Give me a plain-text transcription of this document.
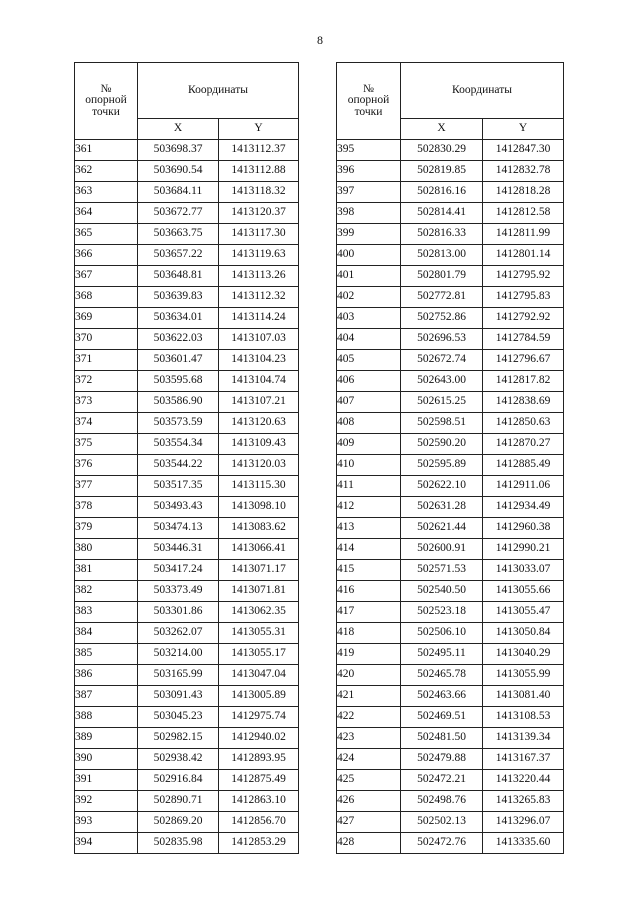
8
№
опорной
точки	Координаты	
	X	Y
361	503698.37	1413112.37
362	503690.54	1413112.88
363	503684.11	1413118.32
364	503672.77	1413120.37
365	503663.75	1413117.30
366	503657.22	1413119.63
367	503648.81	1413113.26
368	503639.83	1413112.32
369	503634.01	1413114.24
370	503622.03	1413107.03
371	503601.47	1413104.23
372	503595.68	1413104.74
373	503586.90	1413107.21
374	503573.59	1413120.63
375	503554.34	1413109.43
376	503544.22	1413120.03
377	503517.35	1413115.30
378	503493.43	1413098.10
379	503474.13	1413083.62
380	503446.31	1413066.41
381	503417.24	1413071.17
382	503373.49	1413071.81
383	503301.86	1413062.35
384	503262.07	1413055.31
385	503214.00	1413055.17
386	503165.99	1413047.04
387	503091.43	1413005.89
388	503045.23	1412975.74
389	502982.15	1412940.02
390	502938.42	1412893.95
391	502916.84	1412875.49
392	502890.71	1412863.10
393	502869.20	1412856.70
394	502835.98	1412853.29
№
опорной
точки	Координаты	
	X	Y
395	502830.29	1412847.30
396	502819.85	1412832.78
397	502816.16	1412818.28
398	502814.41	1412812.58
399	502816.33	1412811.99
400	502813.00	1412801.14
401	502801.79	1412795.92
402	502772.81	1412795.83
403	502752.86	1412792.92
404	502696.53	1412784.59
405	502672.74	1412796.67
406	502643.00	1412817.82
407	502615.25	1412838.69
408	502598.51	1412850.63
409	502590.20	1412870.27
410	502595.89	1412885.49
411	502622.10	1412911.06
412	502631.28	1412934.49
413	502621.44	1412960.38
414	502600.91	1412990.21
415	502571.53	1413033.07
416	502540.50	1413055.66
417	502523.18	1413055.47
418	502506.10	1413050.84
419	502495.11	1413040.29
420	502465.78	1413055.99
421	502463.66	1413081.40
422	502469.51	1413108.53
423	502481.50	1413139.34
424	502479.88	1413167.37
425	502472.21	1413220.44
426	502498.76	1413265.83
427	502502.13	1413296.07
428	502472.76	1413335.60
